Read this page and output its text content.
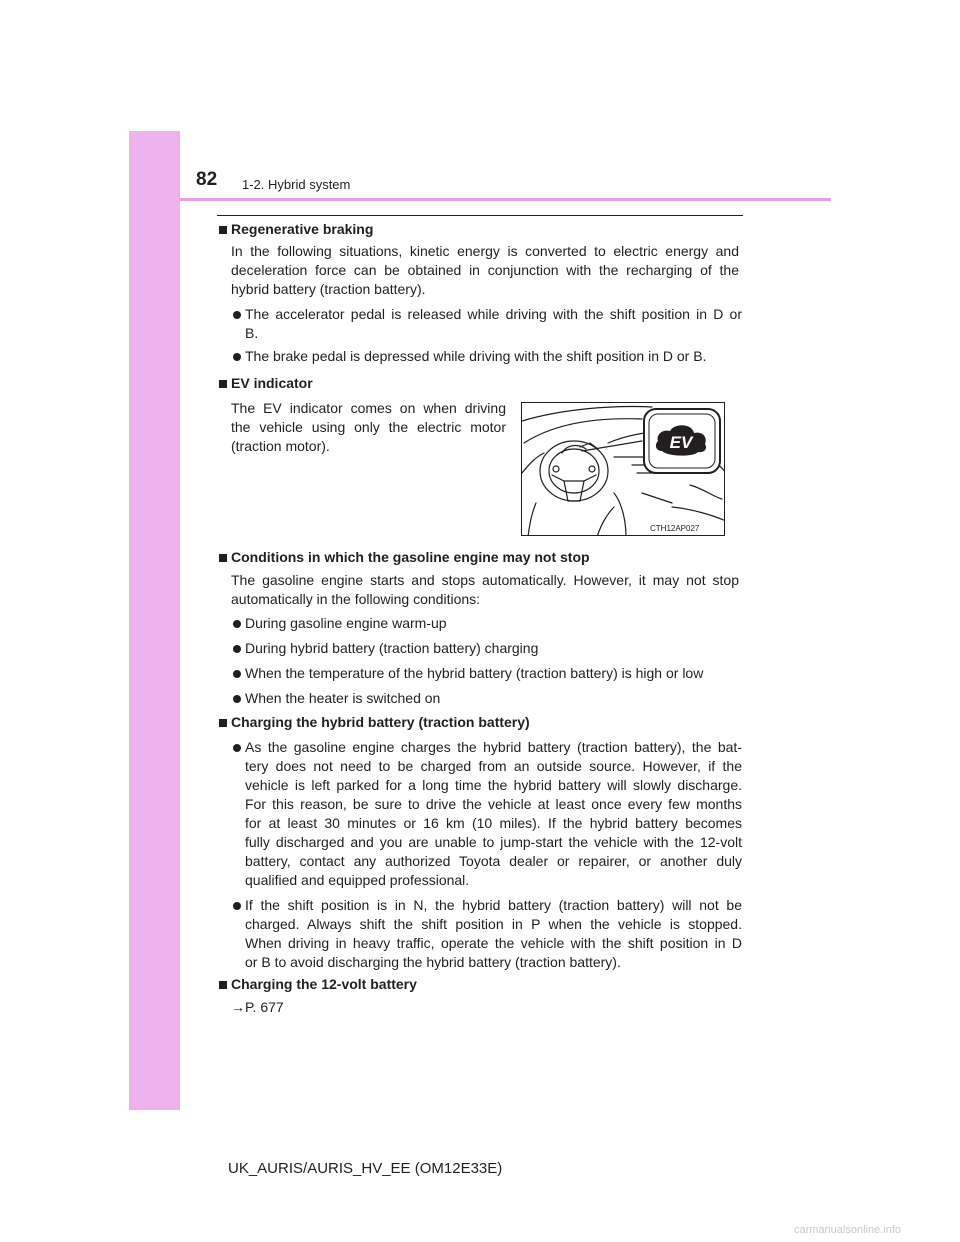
82 1-2. Hybrid system
Regenerative braking
In the following situations, kinetic energy is converted to electric energy and
deceleration force can be obtained in conjunction with the recharging of the
hybrid battery (traction battery).
The accelerator pedal is released while driving with the shift position in D or
B.
The brake pedal is depressed while driving with the shift position in D or B.
EV indicator
The EV indicator comes on when driving
the vehicle using only the electric motor
(traction motor).	EV
CTH12AP027
Conditions in which the gasoline engine may not stop
The gasoline engine starts and stops automatically. However, it may not stop
automatically in the following conditions:
During gasoline engine warm-up
During hybrid battery (traction battery) charging
When the temperature of the hybrid battery (traction battery) is high or low
When the heater is switched on
Charging the hybrid battery (traction battery)
As the gasoline engine charges the hybrid battery (traction battery), the bat-
tery does not need to be charged from an outside source. However, if the
vehicle is left parked for a long time the hybrid battery will slowly discharge.
For this reason, be sure to drive the vehicle at least once every few months
for at least 30 minutes or 16 km (10 miles). If the hybrid battery becomes
fully discharged and you are unable to jump-start the vehicle with the 12-volt
battery, contact any authorized Toyota dealer or repairer, or another duly
qualified and equipped professional.
If the shift position is in N, the hybrid battery (traction battery) will not be
charged. Always shift the shift position in P when the vehicle is stopped.
When driving in heavy traffic, operate the vehicle with the shift position in D
or B to avoid discharging the hybrid battery (traction battery).
Charging the 12-volt battery
→P. 677
UK_AURIS/AURIS_HV_EE (OM12E33E)
carmanualsonline.info
